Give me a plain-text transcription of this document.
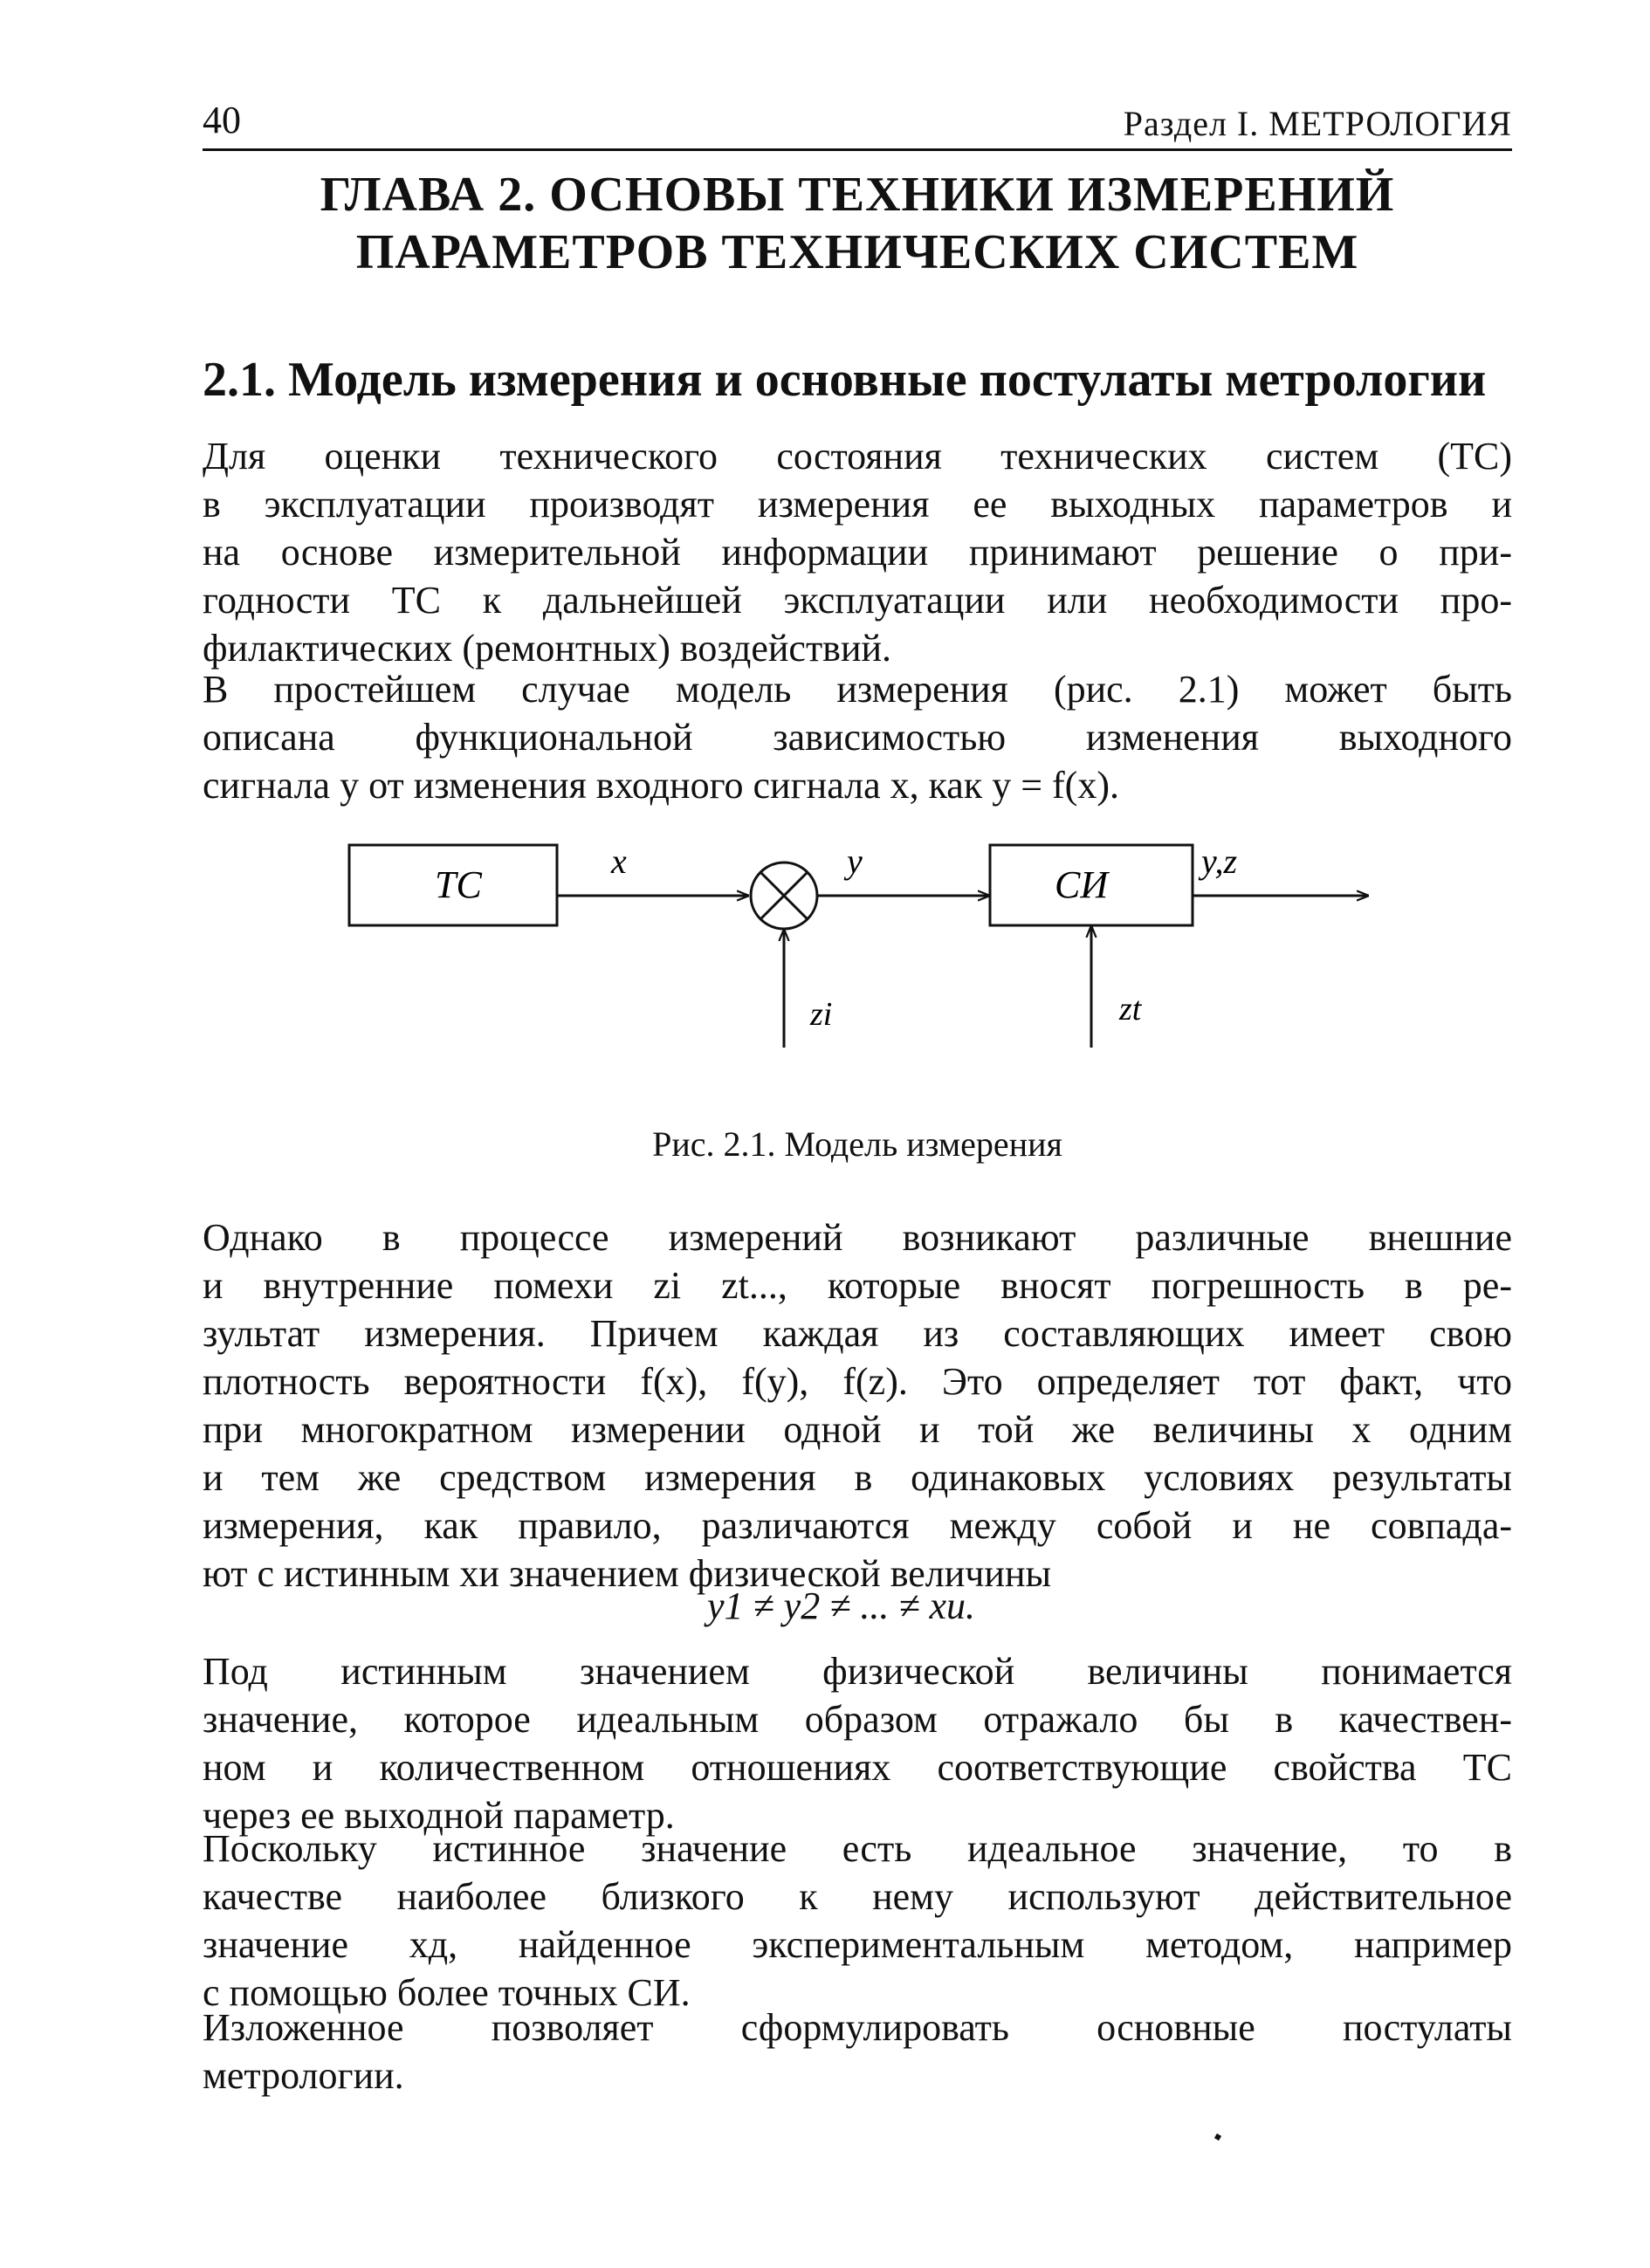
40	Раздел I. МЕТРОЛОГИЯ
ГЛАВА 2. ОСНОВЫ ТЕХНИКИ ИЗМЕРЕНИЙ
ПАРАМЕТРОВ ТЕХНИЧЕСКИХ СИСТЕМ
2.1. Модель измерения и основные постулаты метрологии

Для оценки технического состояния технических систем (ТС)
в эксплуатации производят измерения ее выходных параметров и
на основе измерительной информации принимают решение о при-
годности ТС к дальнейшей эксплуатации или необходимости про-
филактических (ремонтных) воздействий.

В простейшем случае модель измерения (рис. 2.1) может быть
описана функциональной зависимостью изменения выходного
сигнала y от изменения входного сигнала x, как y = f(x).

ТС
x	y
СИ
y,z
zi	zt
Рис. 2.1. Модель измерения

Однако в процессе измерений возникают различные внешние
и внутренние помехи zi zt..., которые вносят погрешность в ре-
зультат измерения. Причем каждая из составляющих имеет свою
плотность вероятности f(x), f(y), f(z). Это определяет тот факт, что
при многократном измерении одной и той же величины x одним
и тем же средством измерения в одинаковых условиях результаты
измерения, как правило, различаются между собой и не совпада-
ют с истинным xи значением физической величины

y1 ≠ y2 ≠ ... ≠ xи.

Под истинным значением физической величины понимается
значение, которое идеальным образом отражало бы в качествен-
ном и количественном отношениях соответствующие свойства ТС
через ее выходной параметр.

Поскольку истинное значение есть идеальное значение, то в
качестве наиболее близкого к нему используют действительное
значение xд, найденное экспериментальным методом, например
с помощью более точных СИ.

Изложенное позволяет сформулировать основные постулаты
метрологии.
